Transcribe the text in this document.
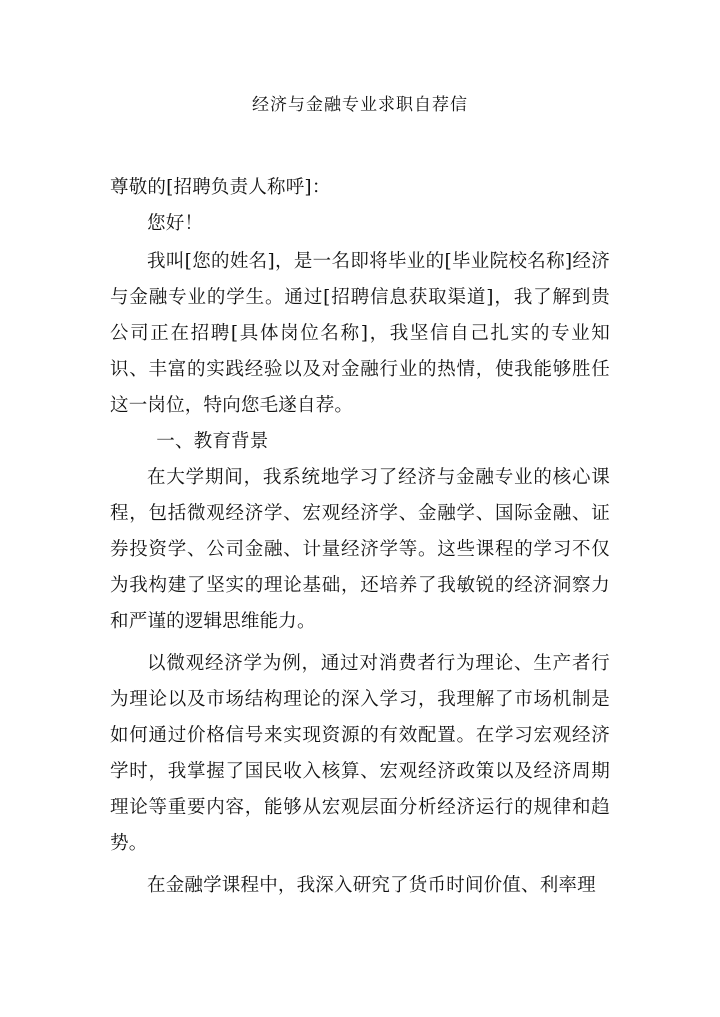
经济与金融专业求职自荐信

尊敬的[招聘负责人称呼]：

您好！

我叫[您的姓名]，是一名即将毕业的[毕业院校名称]经济与金融专业的学生。通过[招聘信息获取渠道]，我了解到贵公司正在招聘[具体岗位名称]，我坚信自己扎实的专业知识、丰富的实践经验以及对金融行业的热情，使我能够胜任这一岗位，特向您毛遂自荐。

一、教育背景

在大学期间，我系统地学习了经济与金融专业的核心课程，包括微观经济学、宏观经济学、金融学、国际金融、证券投资学、公司金融、计量经济学等。这些课程的学习不仅为我构建了坚实的理论基础，还培养了我敏锐的经济洞察力和严谨的逻辑思维能力。

以微观经济学为例，通过对消费者行为理论、生产者行为理论以及市场结构理论的深入学习，我理解了市场机制是如何通过价格信号来实现资源的有效配置。在学习宏观经济学时，我掌握了国民收入核算、宏观经济政策以及经济周期理论等重要内容，能够从宏观层面分析经济运行的规律和趋势。

在金融学课程中，我深入研究了货币时间价值、利率理
